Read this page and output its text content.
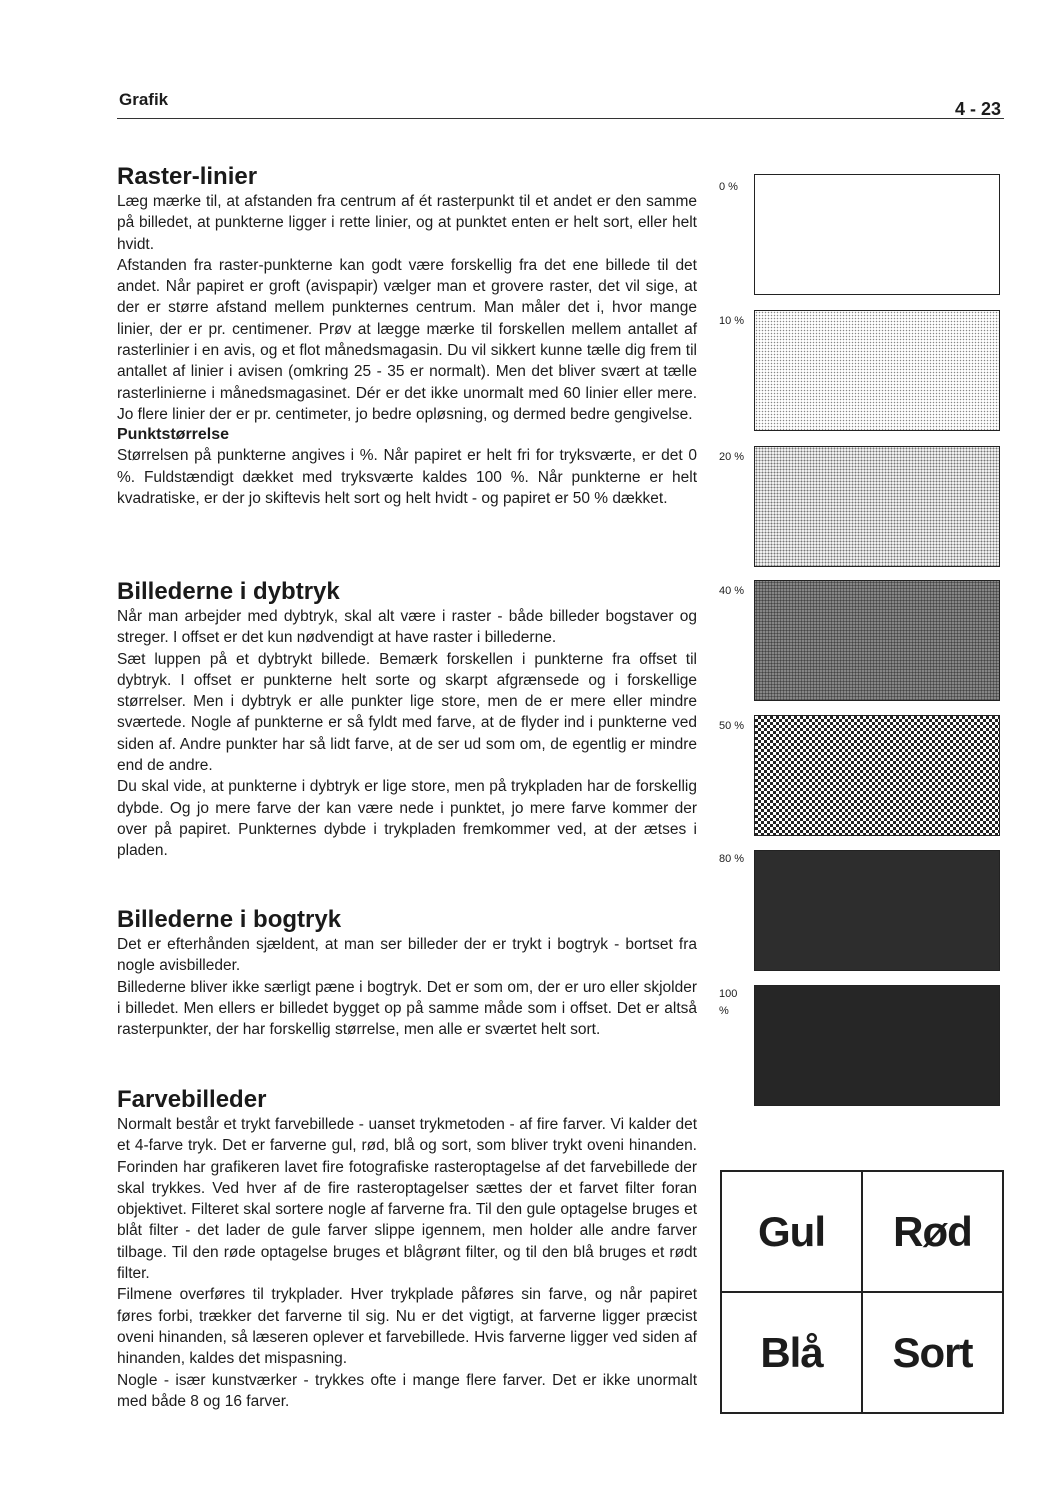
Grafik	4 - 23
Raster-linier

Læg mærke til, at afstanden fra centrum af ét rasterpunkt til et andet er den samme på billedet, at punkterne ligger i rette linier, og at punktet enten er helt sort, eller helt hvidt.

Afstanden fra raster-punkterne kan godt være forskellig fra det ene billede til det andet. Når papiret er groft (avispapir) vælger man et grovere raster, det vil sige, at der er større afstand mellem punkternes centrum. Man måler det i, hvor mange linier, der er pr. centimener. Prøv at lægge mærke til forskellen mellem antallet af rasterlinier i en avis, og et flot månedsmagasin. Du vil sikkert kunne tælle dig frem til antallet af linier i avisen (omkring 25 - 35 er normalt). Men det bliver svært at tælle rasterlinierne i månedsmagasinet. Dér er det ikke unormalt med 60 linier eller mere. Jo flere linier der er pr. centimeter, jo bedre opløsning, og dermed bedre gengivelse.

Punktstørrelse

Størrelsen på punkterne angives i %. Når papiret er helt fri for tryksværte, er det 0 %. Fuldstændigt dækket med tryksværte kaldes 100 %. Når punkterne er helt kvadratiske, er der jo skiftevis helt sort og helt hvidt - og papiret er 50 % dækket.

Billederne i dybtryk

Når man arbejder med dybtryk, skal alt være i raster - både billeder bogstaver og streger. I offset er det kun nødvendigt at have raster i billederne.

Sæt luppen på et dybtrykt billede. Bemærk forskellen i punkterne fra offset til dybtryk. I offset er punkterne helt sorte og skarpt afgrænsede og i forskellige størrelser. Men i dybtryk er alle punkter lige store, men de er mere eller mindre sværtede. Nogle af punkterne er så fyldt med farve, at de flyder ind i punkterne ved siden af. Andre punkter har så lidt farve, at de ser ud som om, de egentlig er mindre end de andre.

Du skal vide, at punkterne i dybtryk er lige store, men på trykpladen har de forskellig dybde. Og jo mere farve der kan være nede i punktet, jo mere farve kommer der over på papiret. Punkternes dybde i trykpladen fremkommer ved, at der ætses i pladen.

Billederne i bogtryk

Det er efterhånden sjældent, at man ser billeder der er trykt i bogtryk - bortset fra nogle avisbilleder.

Billederne bliver ikke særligt pæne i bogtryk. Det er som om, der er uro eller skjolder i billedet. Men ellers er billedet bygget op på samme måde som i offset. Det er altså rasterpunkter, der har forskellig størrelse, men alle er sværtet helt sort.

Farvebilleder

Normalt består et trykt farvebillede - uanset trykmetoden - af fire farver. Vi kalder det et 4-farve tryk. Det er farverne gul, rød, blå og sort, som bliver trykt oveni hinanden. Forinden har grafikeren lavet fire fotografiske rasteroptagelse af det farvebillede der skal trykkes. Ved hver af de fire rasteroptagelser sættes der et farvet filter foran objektivet. Filteret skal sortere nogle af farverne fra. Til den gule optagelse bruges et blåt filter - det lader de gule farver slippe igennem, men holder alle andre farver tilbage. Til den røde optagelse bruges et blågrønt filter, og til den blå bruges et rødt filter.

Filmene overføres til trykplader. Hver trykplade påføres sin farve, og når papiret føres forbi, trækker det farverne til sig. Nu er det vigtigt, at farverne ligger præcist oveni hinanden, så læseren oplever et farvebillede. Hvis farverne ligger ved siden af hinanden, kaldes det mispasning.

Nogle - især kunstværker - trykkes ofte i mange flere farver. Det er ikke unormalt med både 8 og 16 farver.

0 %
10 %
20 %
40 %
50 %
80 %
100
%
Gul	Rød
Blå	Sort
